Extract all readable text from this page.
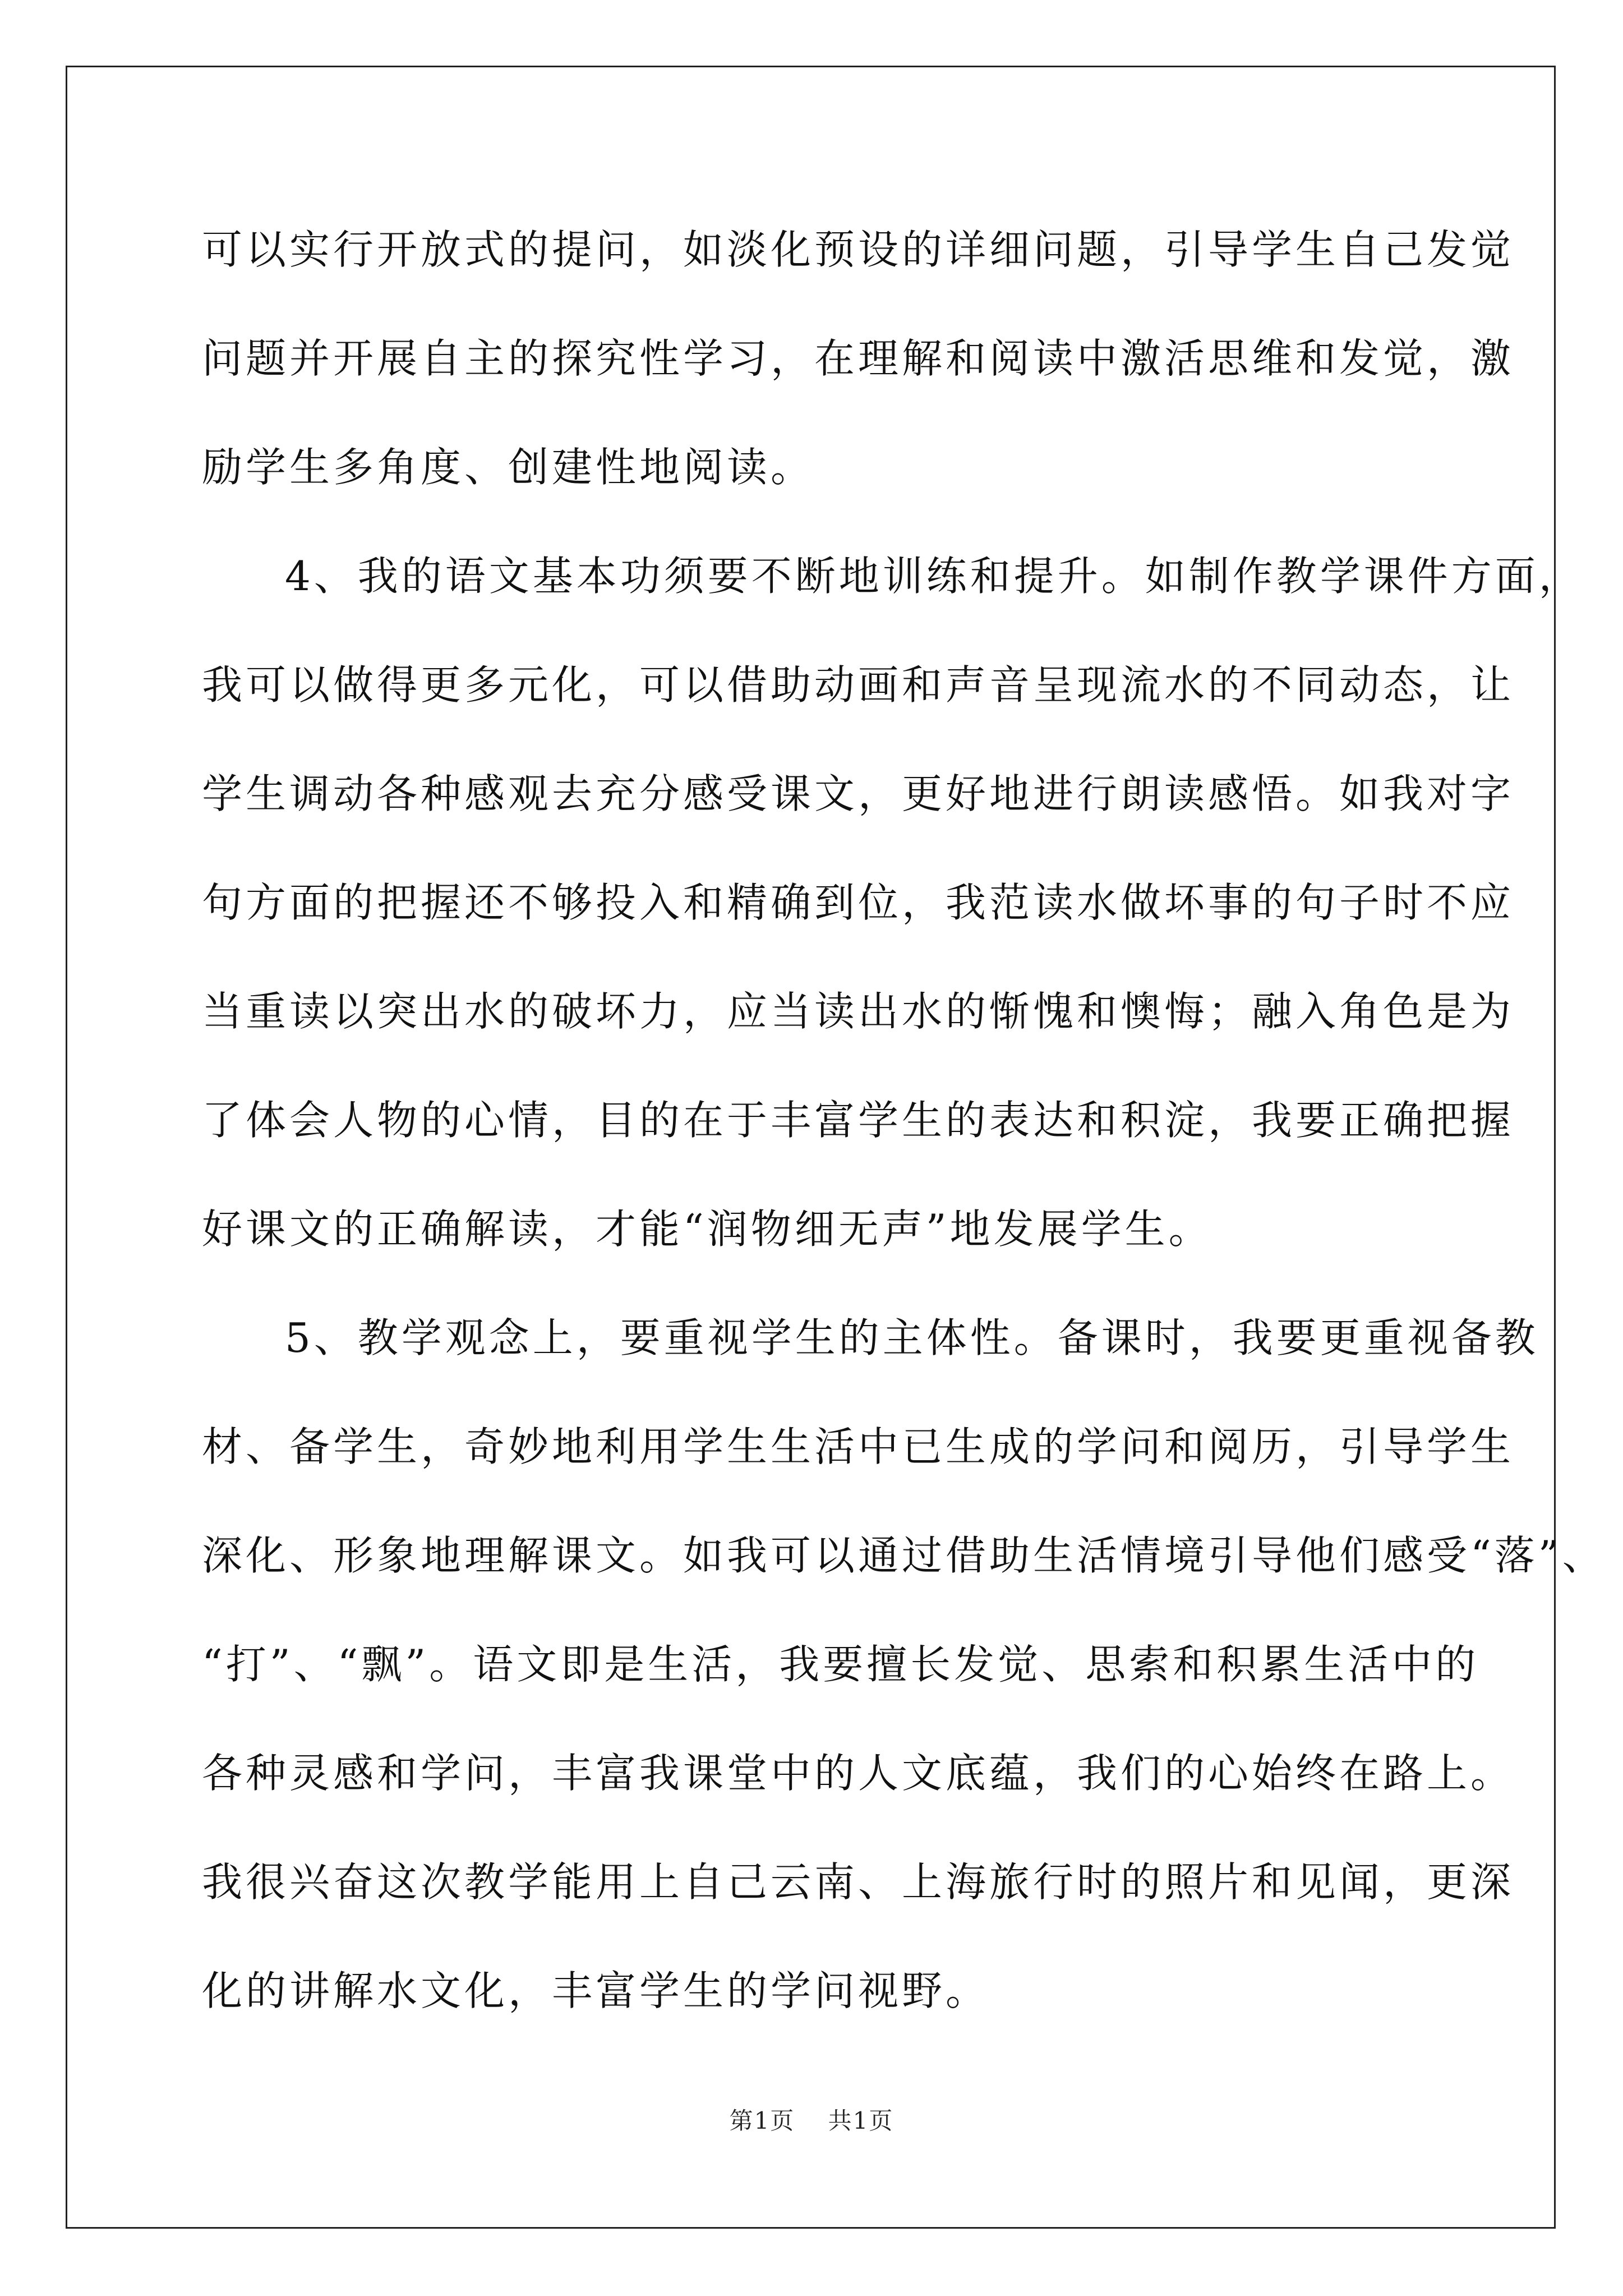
可以实行开放式的提问，如淡化预设的详细问题，引导学生自己发觉
问题并开展自主的探究性学习，在理解和阅读中激活思维和发觉，激
励学生多角度、创建性地阅读。
4、我的语文基本功须要不断地训练和提升。如制作教学课件方面，
我可以做得更多元化，可以借助动画和声音呈现流水的不同动态，让
学生调动各种感观去充分感受课文，更好地进行朗读感悟。如我对字
句方面的把握还不够投入和精确到位，我范读水做坏事的句子时不应
当重读以突出水的破坏力，应当读出水的惭愧和懊悔；融入角色是为
了体会人物的心情，目的在于丰富学生的表达和积淀，我要正确把握
好课文的正确解读，才能“润物细无声”地发展学生。
5、教学观念上，要重视学生的主体性。备课时，我要更重视备教
材、备学生，奇妙地利用学生生活中已生成的学问和阅历，引导学生
深化、形象地理解课文。如我可以通过借助生活情境引导他们感受“落”、
“打”、“飘”。语文即是生活，我要擅长发觉、思索和积累生活中的
各种灵感和学问，丰富我课堂中的人文底蕴，我们的心始终在路上。
我很兴奋这次教学能用上自己云南、上海旅行时的照片和见闻，更深
化的讲解水文化，丰富学生的学问视野。
第1页 共1页
